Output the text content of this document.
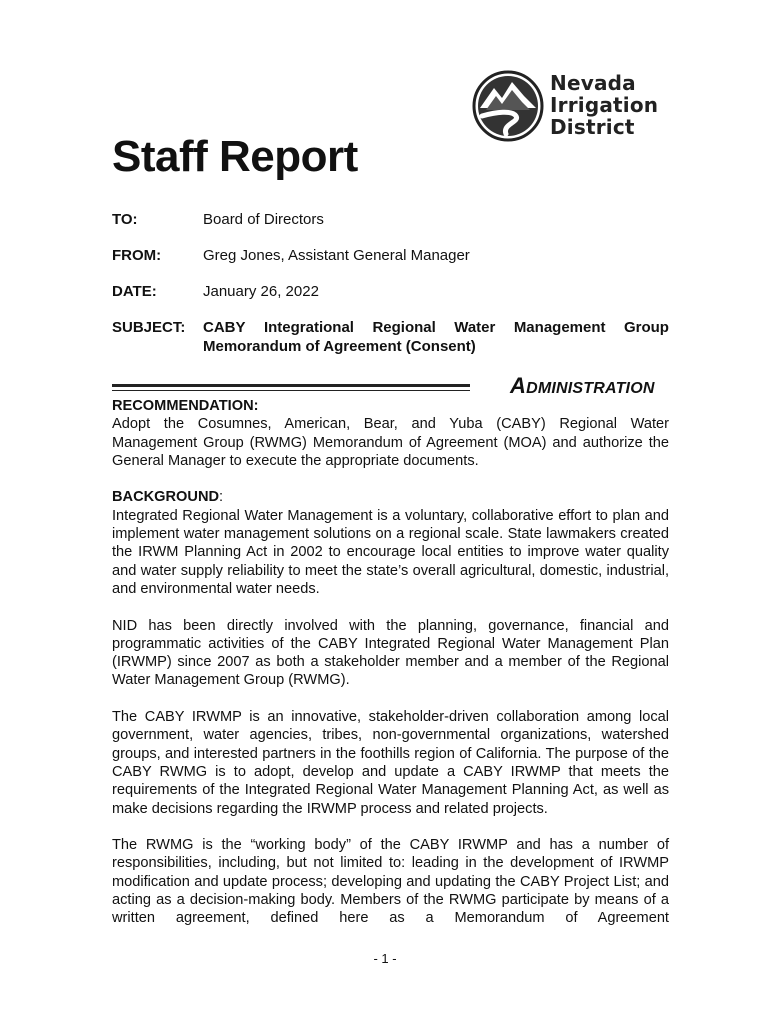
Nevada
Irrigation
District
Staff Report
TO:	Board of Directors
FROM:	Greg Jones, Assistant General Manager
DATE:	January 26, 2022
SUBJECT: CABY Integrational Regional Water Management Group
Memorandum of Agreement (Consent)
ADMINISTRATION
RECOMMENDATION:

Adopt the Cosumnes, American, Bear, and Yuba (CABY) Regional Water Management Group (RWMG) Memorandum of Agreement (MOA) and authorize the General Manager to execute the appropriate documents.

BACKGROUND:

Integrated Regional Water Management is a voluntary, collaborative effort to plan and implement water management solutions on a regional scale. State lawmakers created the IRWM Planning Act in 2002 to encourage local entities to improve water quality and water supply reliability to meet the state’s overall agricultural, domestic, industrial, and environmental water needs.

NID has been directly involved with the planning, governance, financial and programmatic activities of the CABY Integrated Regional Water Management Plan (IRWMP) since 2007 as both a stakeholder member and a member of the Regional Water Management Group (RWMG).

The CABY IRWMP is an innovative, stakeholder-driven collaboration among local government, water agencies, tribes, non-governmental organizations, watershed groups, and interested partners in the foothills region of California. The purpose of the CABY RWMG is to adopt, develop and update a CABY IRWMP that meets the requirements of the Integrated Regional Water Management Planning Act, as well as make decisions regarding the IRWMP process and related projects.

The RWMG is the “working body” of the CABY IRWMP and has a number of responsibilities, including, but not limited to: leading in the development of IRWMP modification and update process; developing and updating the CABY Project List; and acting as a decision-making body. Members of the RWMG participate by means of a written agreement, defined here as a Memorandum of Agreement

- 1 -
